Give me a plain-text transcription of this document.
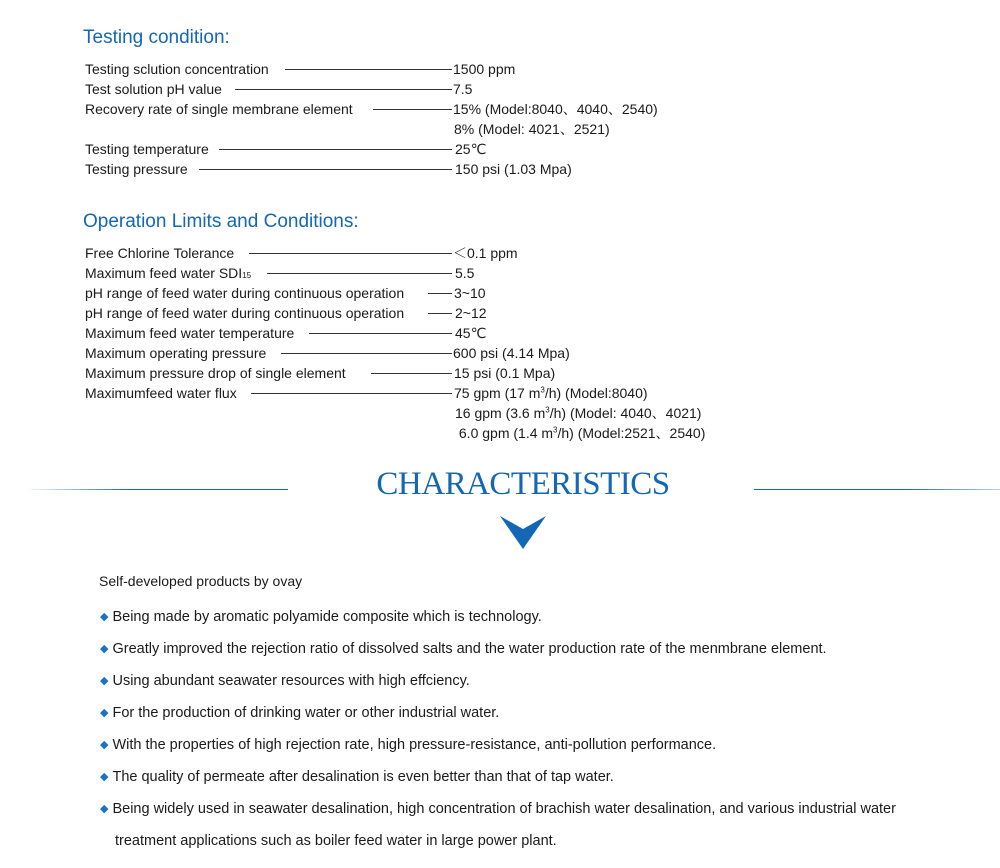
Testing condition:
Testing sclution concentration	1500 ppm
Test solution pH value	7.5
Recovery rate of single membrane element	15% (Model:8040、4040、2540)
8% (Model: 4021、2521)
Testing temperature	25℃
Testing pressure	150 psi (1.03 Mpa)
Operation Limits and Conditions:
Free Chlorine Tolerance	＜0.1 ppm
Maximum feed water SDI15	5.5
pH range of feed water during continuous operation	3~10
pH range of feed water during continuous operation	2~12
Maximum feed water temperature	45℃
Maximum operating pressure	600 psi (4.14 Mpa)
Maximum pressure drop of single element	15 psi (0.1 Mpa)
Maximumfeed water flux	75 gpm (17 $m^3/h$) (Model:8040)
16 gpm (3.6 $m^3/h$) (Model: 4040、4021)
6.0 gpm (1.4 $m^3/h$) (Model:2521、2540)
CHARACTERISTICS
Self-developed products by ovay
◆ Being made by aromatic polyamide composite which is technology.
◆ Greatly improved the rejection ratio of dissolved salts and the water production rate of the menmbrane element.
◆ Using abundant seawater resources with high effciency.
◆ For the production of drinking water or other industrial water.
◆ With the properties of high rejection rate, high pressure-resistance, anti-pollution performance.
◆ The quality of permeate after desalination is even better than that of tap water.
◆ Being widely used in seawater desalination, high concentration of brachish water desalination, and various industrial water
treatment applications such as boiler feed water in large power plant.
